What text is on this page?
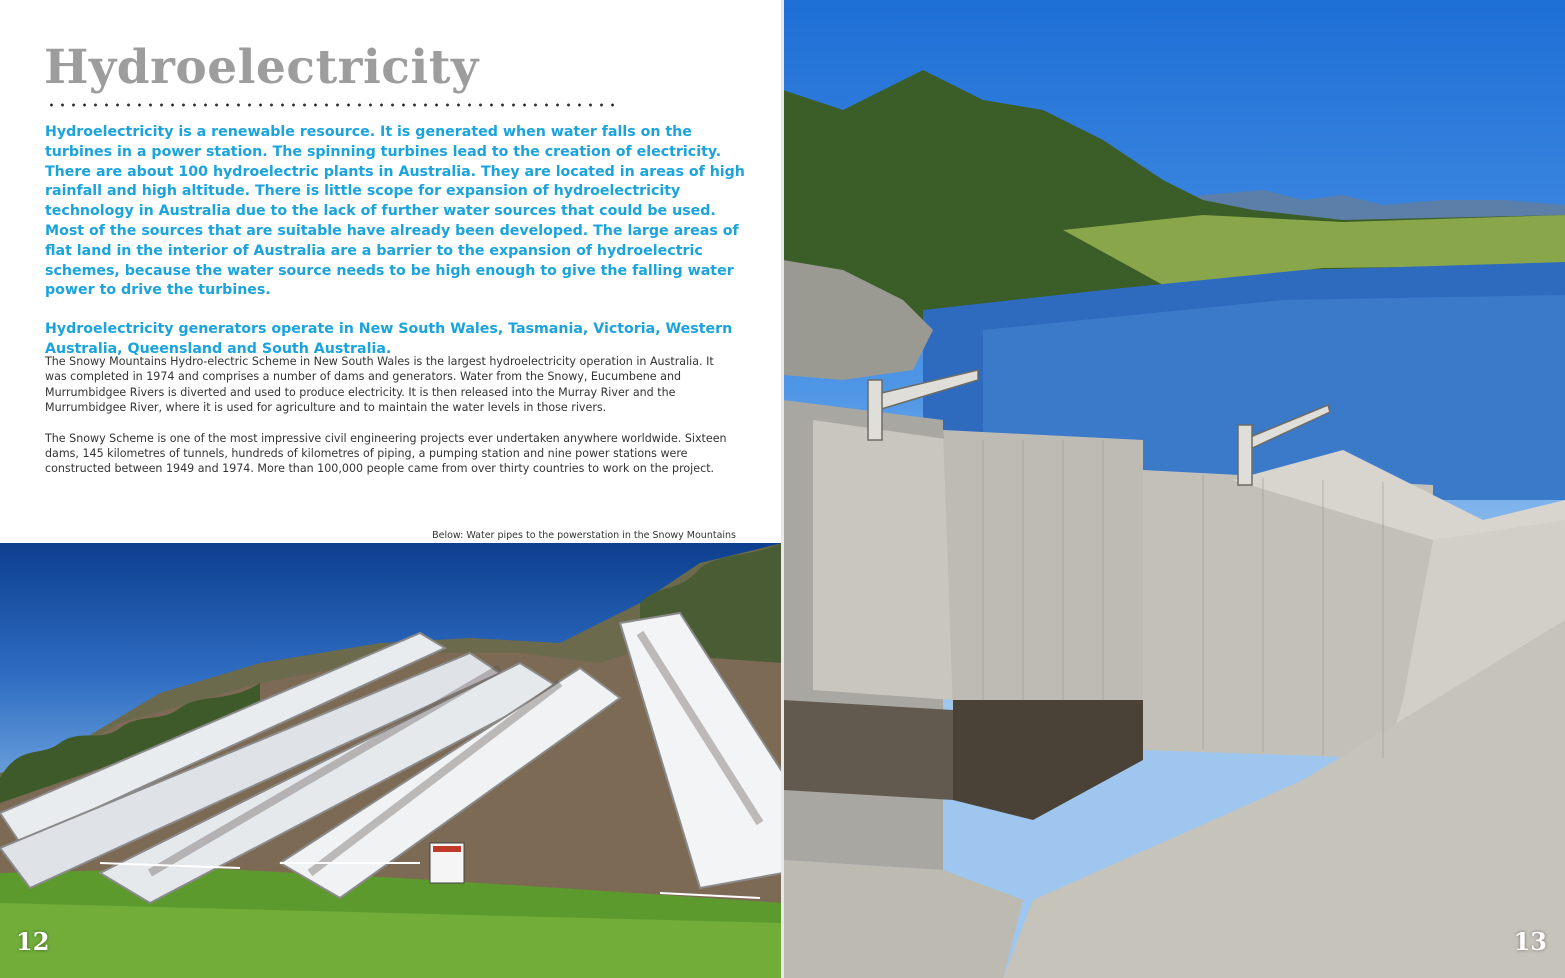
Hydroelectricity

Hydroelectricity is a renewable resource. It is generated when water falls on the turbines in a power station. The spinning turbines lead to the creation of electricity. There are about 100 hydroelectric plants in Australia. They are located in areas of high rainfall and high altitude. There is little scope for expansion of hydroelectricity technology in Australia due to the lack of further water sources that could be used. Most of the sources that are suitable have already been developed. The large areas of flat land in the interior of Australia are a barrier to the expansion of hydroelectric schemes, because the water source needs to be high enough to give the falling water power to drive the turbines.

Hydroelectricity generators operate in New South Wales, Tasmania, Victoria, Western Australia, Queensland and South Australia.

The Snowy Mountains Hydro-electric Scheme in New South Wales is the largest hydroelectricity operation in Australia. It was completed in 1974 and comprises a number of dams and generators. Water from the Snowy, Eucumbene and Murrumbidgee Rivers is diverted and used to produce electricity. It is then released into the Murray River and the Murrumbidgee River, where it is used for agriculture and to maintain the water levels in those rivers.

The Snowy Scheme is one of the most impressive civil engineering projects ever undertaken anywhere worldwide. Sixteen dams, 145 kilometres of tunnels, hundreds of kilometres of piping, a pumping station and nine power stations were constructed between 1949 and 1974. More than 100,000 people came from over thirty countries to work on the project.

Below: Water pipes to the powerstation in the Snowy Mountains
12	13
